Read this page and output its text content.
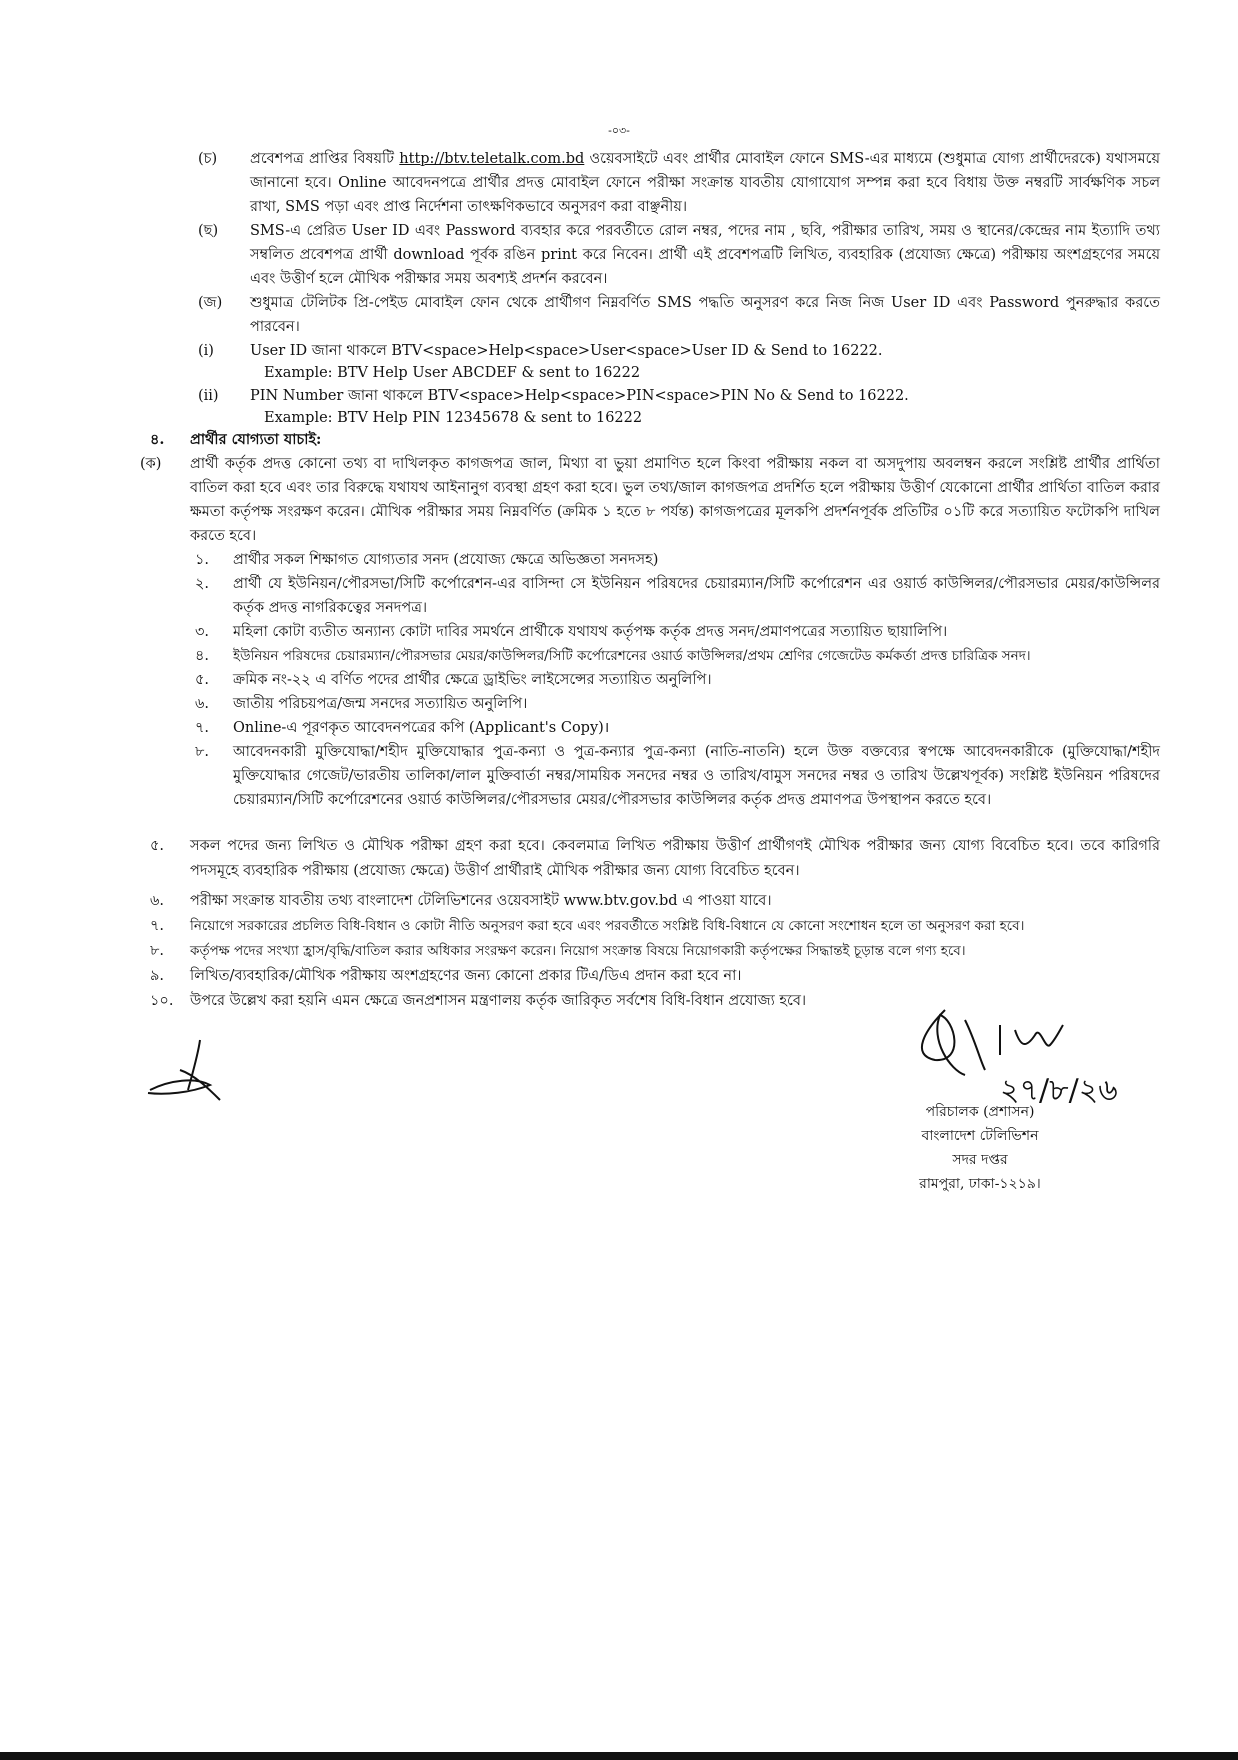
-০৩-
(চ) প্রবেশপত্র প্রাপ্তির বিষয়টি http://btv.teletalk.com.bd ওয়েবসাইটে এবং প্রার্থীর মোবাইল ফোনে SMS-এর মাধ্যমে (শুধুমাত্র যোগ্য প্রার্থীদেরকে) যথাসময়ে জানানো হবে। Online আবেদনপত্রে প্রার্থীর প্রদত্ত মোবাইল ফোনে পরীক্ষা সংক্রান্ত যাবতীয় যোগাযোগ সম্পন্ন করা হবে বিধায় উক্ত নম্বরটি সার্বক্ষণিক সচল রাখা, SMS পড়া এবং প্রাপ্ত নির্দেশনা তাৎক্ষণিকভাবে অনুসরণ করা বাঞ্ছনীয়।
(ছ) SMS-এ প্রেরিত User ID এবং Password ব্যবহার করে পরবর্তীতে রোল নম্বর, পদের নাম , ছবি, পরীক্ষার তারিখ, সময় ও স্থানের/কেন্দ্রের নাম ইত্যাদি তথ্য সম্বলিত প্রবেশপত্র প্রার্থী download পূর্বক রঙিন print করে নিবেন। প্রার্থী এই প্রবেশপত্রটি লিখিত, ব্যবহারিক (প্রযোজ্য ক্ষেত্রে) পরীক্ষায় অংশগ্রহণের সময়ে এবং উত্তীর্ণ হলে মৌখিক পরীক্ষার সময় অবশ্যই প্রদর্শন করবেন।
(জ) শুধুমাত্র টেলিটক প্রি-পেইড মোবাইল ফোন থেকে প্রার্থীগণ নিম্নবর্ণিত SMS পদ্ধতি অনুসরণ করে নিজ নিজ User ID এবং Password পুনরুদ্ধার করতে পারবেন।
(i) User ID জানা থাকলে BTV<space>Help<space>User<space>User ID & Send to 16222.
Example: BTV Help User ABCDEF & sent to 16222
(ii) PIN Number জানা থাকলে BTV<space>Help<space>PIN<space>PIN No & Send to 16222.
Example: BTV Help PIN 12345678 & sent to 16222
৪. প্রার্থীর যোগ্যতা যাচাই:
(ক) প্রার্থী কর্তৃক প্রদত্ত কোনো তথ্য বা দাখিলকৃত কাগজপত্র জাল, মিথ্যা বা ভুয়া প্রমাণিত হলে কিংবা পরীক্ষায় নকল বা অসদুপায় অবলম্বন করলে সংশ্লিষ্ট প্রার্থীর প্রার্থিতা বাতিল করা হবে এবং তার বিরুদ্ধে যথাযথ আইনানুগ ব্যবস্থা গ্রহণ করা হবে। ভুল তথ্য/জাল কাগজপত্র প্রদর্শিত হলে পরীক্ষায় উত্তীর্ণ যেকোনো প্রার্থীর প্রার্থিতা বাতিল করার ক্ষমতা কর্তৃপক্ষ সংরক্ষণ করেন। মৌখিক পরীক্ষার সময় নিম্নবর্ণিত (ক্রমিক ১ হতে ৮ পর্যন্ত) কাগজপত্রের মূলকপি প্রদর্শনপূর্বক প্রতিটির ০১টি করে সত্যায়িত ফটোকপি দাখিল করতে হবে।
১. প্রার্থীর সকল শিক্ষাগত যোগ্যতার সনদ (প্রযোজ্য ক্ষেত্রে অভিজ্ঞতা সনদসহ)
২. প্রার্থী যে ইউনিয়ন/পৌরসভা/সিটি কর্পোরেশন-এর বাসিন্দা সে ইউনিয়ন পরিষদের চেয়ারম্যান/সিটি কর্পোরেশন এর ওয়ার্ড কাউন্সিলর/পৌরসভার মেয়র/কাউন্সিলর কর্তৃক প্রদত্ত নাগরিকত্বের সনদপত্র।
৩. মহিলা কোটা ব্যতীত অন্যান্য কোটা দাবির সমর্থনে প্রার্থীকে যথাযথ কর্তৃপক্ষ কর্তৃক প্রদত্ত সনদ/প্রমাণপত্রের সত্যায়িত ছায়ালিপি।
৪. ইউনিয়ন পরিষদের চেয়ারম্যান/পৌরসভার মেয়র/কাউন্সিলর/সিটি কর্পোরেশনের ওয়ার্ড কাউন্সিলর/প্রথম শ্রেণির গেজেটেড কর্মকর্তা প্রদত্ত চারিত্রিক সনদ।
৫. ক্রমিক নং-২২ এ বর্ণিত পদের প্রার্থীর ক্ষেত্রে ড্রাইভিং লাইসেন্সের সত্যায়িত অনুলিপি।
৬. জাতীয় পরিচয়পত্র/জন্ম সনদের সত্যায়িত অনুলিপি।
৭. Online-এ পূরণকৃত আবেদনপত্রের কপি (Applicant's Copy)।
৮. আবেদনকারী মুক্তিযোদ্ধা/শহীদ মুক্তিযোদ্ধার পুত্র-কন্যা ও পুত্র-কন্যার পুত্র-কন্যা (নাতি-নাতনি) হলে উক্ত বক্তব্যের স্বপক্ষে আবেদনকারীকে (মুক্তিযোদ্ধা/শহীদ মুক্তিযোদ্ধার গেজেট/ভারতীয় তালিকা/লাল মুক্তিবার্তা নম্বর/সাময়িক সনদের নম্বর ও তারিখ/বামুস সনদের নম্বর ও তারিখ উল্লেখপূর্বক) সংশ্লিষ্ট ইউনিয়ন পরিষদের চেয়ারম্যান/সিটি কর্পোরেশনের ওয়ার্ড কাউন্সিলর/পৌরসভার মেয়র/পৌরসভার কাউন্সিলর কর্তৃক প্রদত্ত প্রমাণপত্র উপস্থাপন করতে হবে।
৫. সকল পদের জন্য লিখিত ও মৌখিক পরীক্ষা গ্রহণ করা হবে। কেবলমাত্র লিখিত পরীক্ষায় উত্তীর্ণ প্রার্থীগণই মৌখিক পরীক্ষার জন্য যোগ্য বিবেচিত হবে। তবে কারিগরি পদসমূহে ব্যবহারিক পরীক্ষায় (প্রযোজ্য ক্ষেত্রে) উত্তীর্ণ প্রার্থীরাই মৌখিক পরীক্ষার জন্য যোগ্য বিবেচিত হবেন।
৬. পরীক্ষা সংক্রান্ত যাবতীয় তথ্য বাংলাদেশ টেলিভিশনের ওয়েবসাইট www.btv.gov.bd এ পাওয়া যাবে।
৭. নিয়োগে সরকারের প্রচলিত বিধি-বিধান ও কোটা নীতি অনুসরণ করা হবে এবং পরবর্তীতে সংশ্লিষ্ট বিধি-বিধানে যে কোনো সংশোধন হলে তা অনুসরণ করা হবে।
৮. কর্তৃপক্ষ পদের সংখ্যা হ্রাস/বৃদ্ধি/বাতিল করার অধিকার সংরক্ষণ করেন। নিয়োগ সংক্রান্ত বিষয়ে নিয়োগকারী কর্তৃপক্ষের সিদ্ধান্তই চূড়ান্ত বলে গণ্য হবে।
৯. লিখিত/ব্যবহারিক/মৌখিক পরীক্ষায় অংশগ্রহণের জন্য কোনো প্রকার টিএ/ডিএ প্রদান করা হবে না।
১০. উপরে উল্লেখ করা হয়নি এমন ক্ষেত্রে জনপ্রশাসন মন্ত্রণালয় কর্তৃক জারিকৃত সর্বশেষ বিধি-বিধান প্রযোজ্য হবে।
২৭/৮/২৬
পরিচালক (প্রশাসন)
বাংলাদেশ টেলিভিশন
সদর দপ্তর
রামপুরা, ঢাকা-১২১৯।
